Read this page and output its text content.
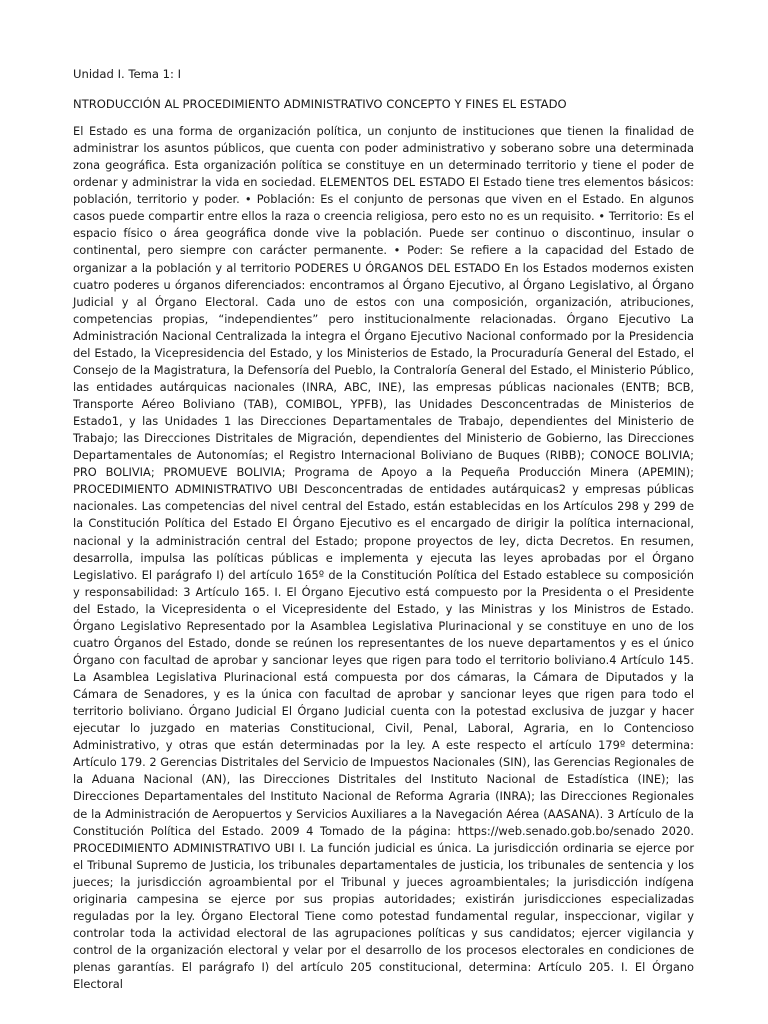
Unidad I. Tema 1: I

NTRODUCCIÓN AL PROCEDIMIENTO ADMINISTRATIVO CONCEPTO Y FINES EL ESTADO

El Estado es una forma de organización política, un conjunto de instituciones que tienen la finalidad de administrar los asuntos públicos, que cuenta con poder administrativo y soberano sobre una determinada zona geográfica. Esta organización política se constituye en un determinado territorio y tiene el poder de ordenar y administrar la vida en sociedad. ELEMENTOS DEL ESTADO El Estado tiene tres elementos básicos: población, territorio y poder. • Población: Es el conjunto de personas que viven en el Estado. En algunos casos puede compartir entre ellos la raza o creencia religiosa, pero esto no es un requisito. • Territorio: Es el espacio físico o área geográfica donde vive la población. Puede ser continuo o discontinuo, insular o continental, pero siempre con carácter permanente. • Poder: Se refiere a la capacidad del Estado de organizar a la población y al territorio PODERES U ÓRGANOS DEL ESTADO En los Estados modernos existen cuatro poderes u órganos diferenciados: encontramos al Órgano Ejecutivo, al Órgano Legislativo, al Órgano Judicial y al Órgano Electoral. Cada uno de estos con una composición, organización, atribuciones, competencias propias, “independientes” pero institucionalmente relacionadas. Órgano Ejecutivo La Administración Nacional Centralizada la integra el Órgano Ejecutivo Nacional conformado por la Presidencia del Estado, la Vicepresidencia del Estado, y los Ministerios de Estado, la Procuraduría General del Estado, el Consejo de la Magistratura, la Defensoría del Pueblo, la Contraloría General del Estado, el Ministerio Público, las entidades autárquicas nacionales (INRA, ABC, INE), las empresas públicas nacionales (ENTB; BCB, Transporte Aéreo Boliviano (TAB), COMIBOL, YPFB), las Unidades Desconcentradas de Ministerios de Estado1, y las Unidades 1 las Direcciones Departamentales de Trabajo, dependientes del Ministerio de Trabajo; las Direcciones Distritales de Migración, dependientes del Ministerio de Gobierno, las Direcciones Departamentales de Autonomías; el Registro Internacional Boliviano de Buques (RIBB); CONOCE BOLIVIA; PRO BOLIVIA; PROMUEVE BOLIVIA; Programa de Apoyo a la Pequeña Producción Minera (APEMIN); PROCEDIMIENTO ADMINISTRATIVO UBI Desconcentradas de entidades autárquicas2 y empresas públicas nacionales. Las competencias del nivel central del Estado, están establecidas en los Artículos 298 y 299 de la Constitución Política del Estado El Órgano Ejecutivo es el encargado de dirigir la política internacional, nacional y la administración central del Estado; propone proyectos de ley, dicta Decretos. En resumen, desarrolla, impulsa las políticas públicas e implementa y ejecuta las leyes aprobadas por el Órgano Legislativo. El parágrafo I) del artículo 165º de la Constitución Política del Estado establece su composición y responsabilidad: 3 Artículo 165. I. El Órgano Ejecutivo está compuesto por la Presidenta o el Presidente del Estado, la Vicepresidenta o el Vicepresidente del Estado, y las Ministras y los Ministros de Estado. Órgano Legislativo Representado por la Asamblea Legislativa Plurinacional y se constituye en uno de los cuatro Órganos del Estado, donde se reúnen los representantes de los nueve departamentos y es el único Órgano con facultad de aprobar y sancionar leyes que rigen para todo el territorio boliviano.4 Artículo 145. La Asamblea Legislativa Plurinacional está compuesta por dos cámaras, la Cámara de Diputados y la Cámara de Senadores, y es la única con facultad de aprobar y sancionar leyes que rigen para todo el territorio boliviano. Órgano Judicial El Órgano Judicial cuenta con la potestad exclusiva de juzgar y hacer ejecutar lo juzgado en materias Constitucional, Civil, Penal, Laboral, Agraria, en lo Contencioso Administrativo, y otras que están determinadas por la ley. A este respecto el artículo 179º determina: Artículo 179. 2 Gerencias Distritales del Servicio de Impuestos Nacionales (SIN), las Gerencias Regionales de la Aduana Nacional (AN), las Direcciones Distritales del Instituto Nacional de Estadística (INE); las Direcciones Departamentales del Instituto Nacional de Reforma Agraria (INRA); las Direcciones Regionales de la Administración de Aeropuertos y Servicios Auxiliares a la Navegación Aérea (AASANA). 3 Artículo de la Constitución Política del Estado. 2009 4 Tomado de la página: https://web.senado.gob.bo/senado 2020. PROCEDIMIENTO ADMINISTRATIVO UBI I. La función judicial es única. La jurisdicción ordinaria se ejerce por el Tribunal Supremo de Justicia, los tribunales departamentales de justicia, los tribunales de sentencia y los jueces; la jurisdicción agroambiental por el Tribunal y jueces agroambientales; la jurisdicción indígena originaria campesina se ejerce por sus propias autoridades; existirán jurisdicciones especializadas reguladas por la ley. Órgano Electoral Tiene como potestad fundamental regular, inspeccionar, vigilar y controlar toda la actividad electoral de las agrupaciones políticas y sus candidatos; ejercer vigilancia y control de la organización electoral y velar por el desarrollo de los procesos electorales en condiciones de plenas garantías. El parágrafo I) del artículo 205 constitucional, determina: Artículo 205. I. El Órgano Electoral
